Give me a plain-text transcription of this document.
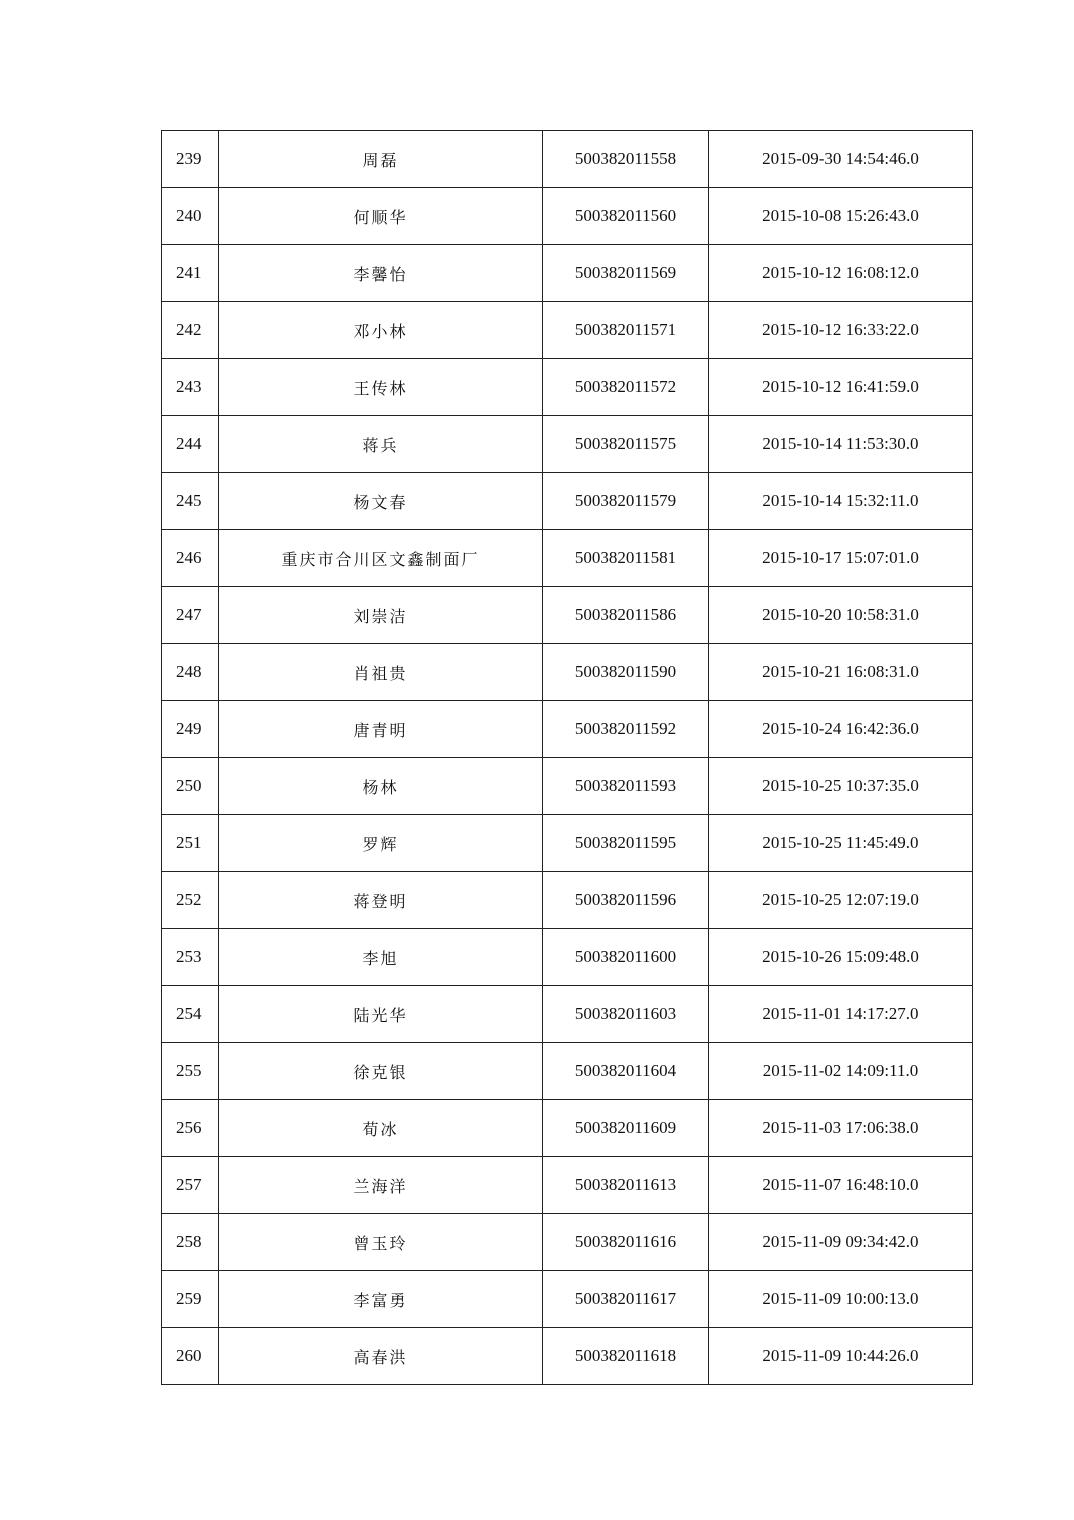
239	周磊	500382011558	2015-09-30 14:54:46.0
240	何顺华	500382011560	2015-10-08 15:26:43.0
241	李馨怡	500382011569	2015-10-12 16:08:12.0
242	邓小林	500382011571	2015-10-12 16:33:22.0
243	王传林	500382011572	2015-10-12 16:41:59.0
244	蒋兵	500382011575	2015-10-14 11:53:30.0
245	杨文春	500382011579	2015-10-14 15:32:11.0
246	重庆市合川区文鑫制面厂	500382011581	2015-10-17 15:07:01.0
247	刘崇洁	500382011586	2015-10-20 10:58:31.0
248	肖祖贵	500382011590	2015-10-21 16:08:31.0
249	唐青明	500382011592	2015-10-24 16:42:36.0
250	杨林	500382011593	2015-10-25 10:37:35.0
251	罗辉	500382011595	2015-10-25 11:45:49.0
252	蒋登明	500382011596	2015-10-25 12:07:19.0
253	李旭	500382011600	2015-10-26 15:09:48.0
254	陆光华	500382011603	2015-11-01 14:17:27.0
255	徐克银	500382011604	2015-11-02 14:09:11.0
256	荀冰	500382011609	2015-11-03 17:06:38.0
257	兰海洋	500382011613	2015-11-07 16:48:10.0
258	曾玉玲	500382011616	2015-11-09 09:34:42.0
259	李富勇	500382011617	2015-11-09 10:00:13.0
260	高春洪	500382011618	2015-11-09 10:44:26.0
